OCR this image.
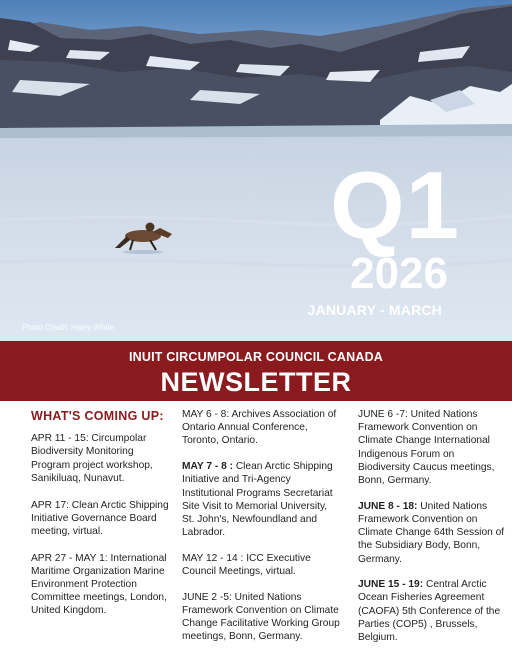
Q1
2026
JANUARY - MARCH
Photo Credit: Haley White
INUIT CIRCUMPOLAR COUNCIL CANADA
NEWSLETTER
WHAT'S COMING UP:
APR 11 - 15: Circumpolar Biodiversity Monitoring Program project workshop, Sanikiluaq, Nunavut.
APR 17: Clean Arctic Shipping Initiative Governance Board meeting, virtual.
APR 27 - MAY 1: International Maritime Organization Marine Environment Protection Committee meetings, London, United Kingdom.
MAY 6 - 8: Archives Association of Ontario Annual Conference, Toronto, Ontario.
MAY 7 - 8 : Clean Arctic Shipping Initiative and Tri-Agency Institutional Programs Secretariat Site Visit to Memorial University, St. John's, Newfoundland and Labrador.
MAY 12 - 14 : ICC Executive Council Meetings, virtual.
JUNE 2 -5: United Nations Framework Convention on Climate Change Facilitative Working Group meetings, Bonn, Germany.
JUNE 6 -7: United Nations Framework Convention on Climate Change International Indigenous Forum on Biodiversity Caucus meetings, Bonn, Germany.
JUNE 8 - 18: United Nations Framework Convention on Climate Change 64th Session of the Subsidiary Body, Bonn, Germany.
JUNE 15 - 19: Central Arctic Ocean Fisheries Agreement (CAOFA) 5th Conference of the Parties (COP5) , Brussels, Belgium.
